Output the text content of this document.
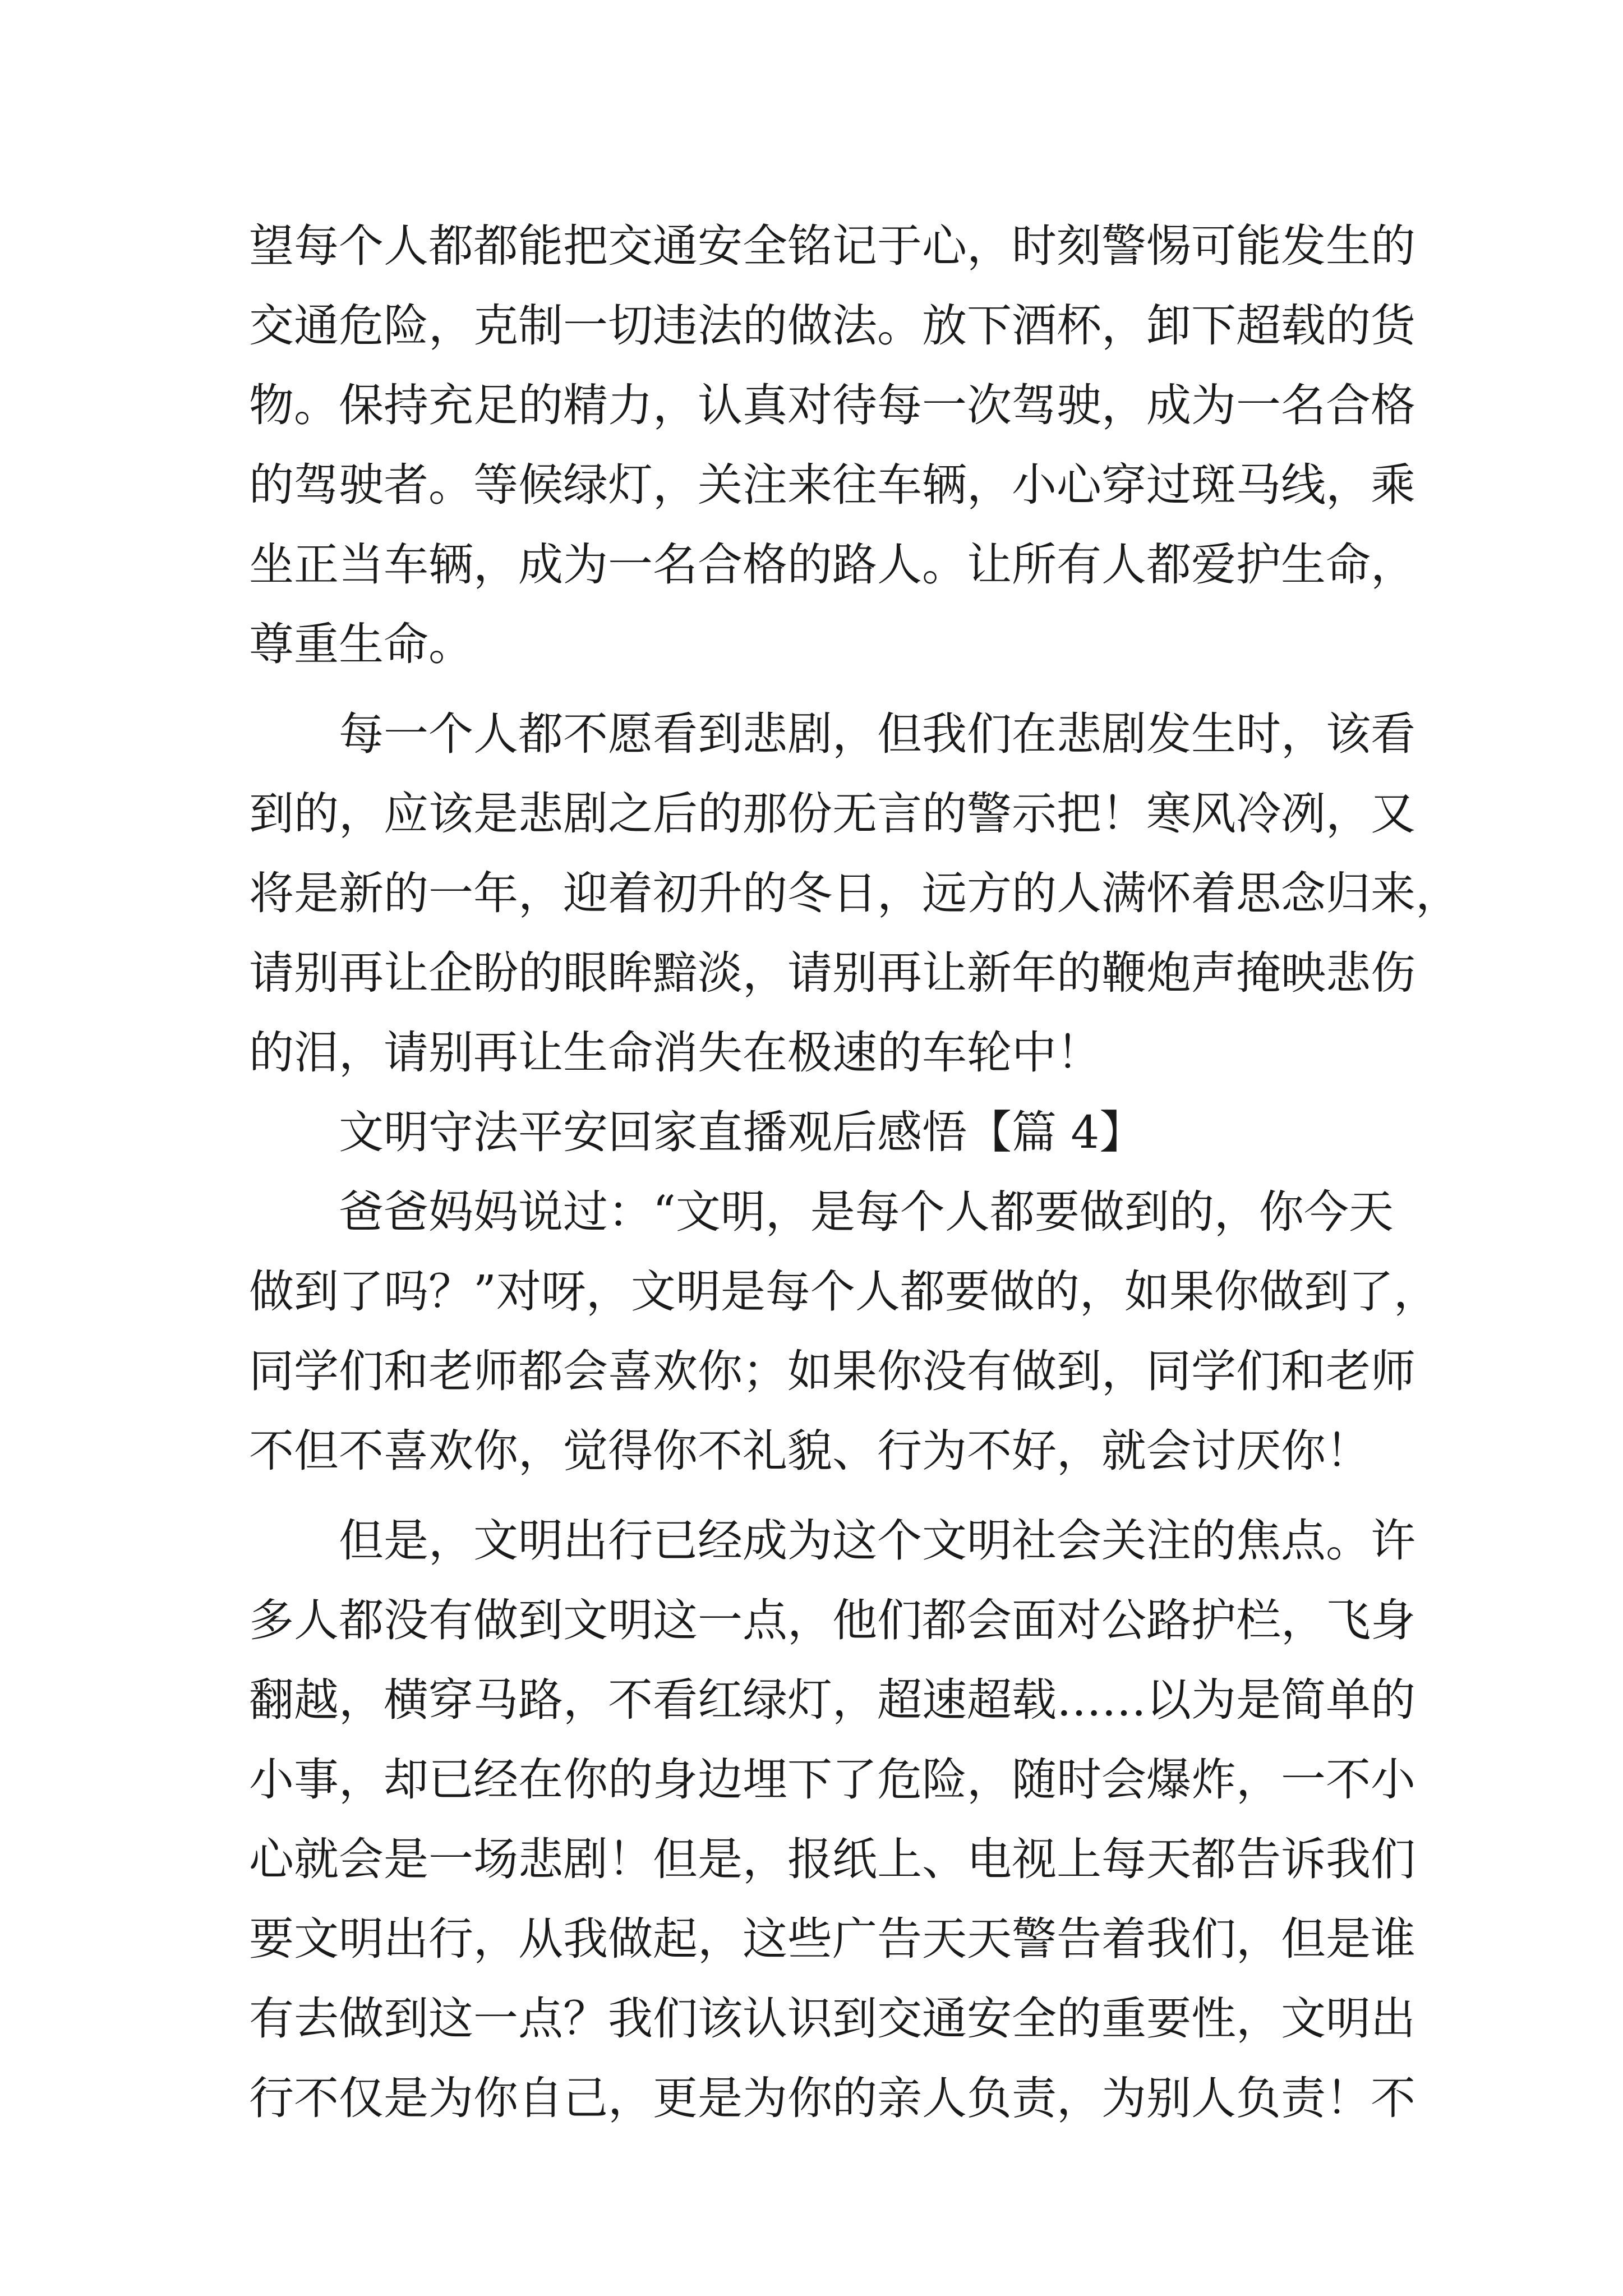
望每个人都都能把交通安全铭记于心，时刻警惕可能发生的
交通危险，克制一切违法的做法。放下酒杯，卸下超载的货
物。保持充足的精力，认真对待每一次驾驶，成为一名合格
的驾驶者。等候绿灯，关注来往车辆，小心穿过斑马线，乘
坐正当车辆，成为一名合格的路人。让所有人都爱护生命，
尊重生命。
每一个人都不愿看到悲剧，但我们在悲剧发生时，该看
到的，应该是悲剧之后的那份无言的警示把！寒风冷冽，又
将是新的一年，迎着初升的冬日，远方的人满怀着思念归来，
请别再让企盼的眼眸黯淡，请别再让新年的鞭炮声掩映悲伤
的泪，请别再让生命消失在极速的车轮中！
文明守法平安回家直播观后感悟【篇 4】
爸爸妈妈说过：“文明，是每个人都要做到的，你今天
做到了吗？”对呀，文明是每个人都要做的，如果你做到了，
同学们和老师都会喜欢你；如果你没有做到，同学们和老师
不但不喜欢你，觉得你不礼貌、行为不好，就会讨厌你！
但是，文明出行已经成为这个文明社会关注的焦点。许
多人都没有做到文明这一点，他们都会面对公路护栏，飞身
翻越，横穿马路，不看红绿灯，超速超载……以为是简单的
小事，却已经在你的身边埋下了危险，随时会爆炸，一不小
心就会是一场悲剧！但是，报纸上、电视上每天都告诉我们
要文明出行，从我做起，这些广告天天警告着我们，但是谁
有去做到这一点？我们该认识到交通安全的重要性，文明出
行不仅是为你自己，更是为你的亲人负责，为别人负责！不
